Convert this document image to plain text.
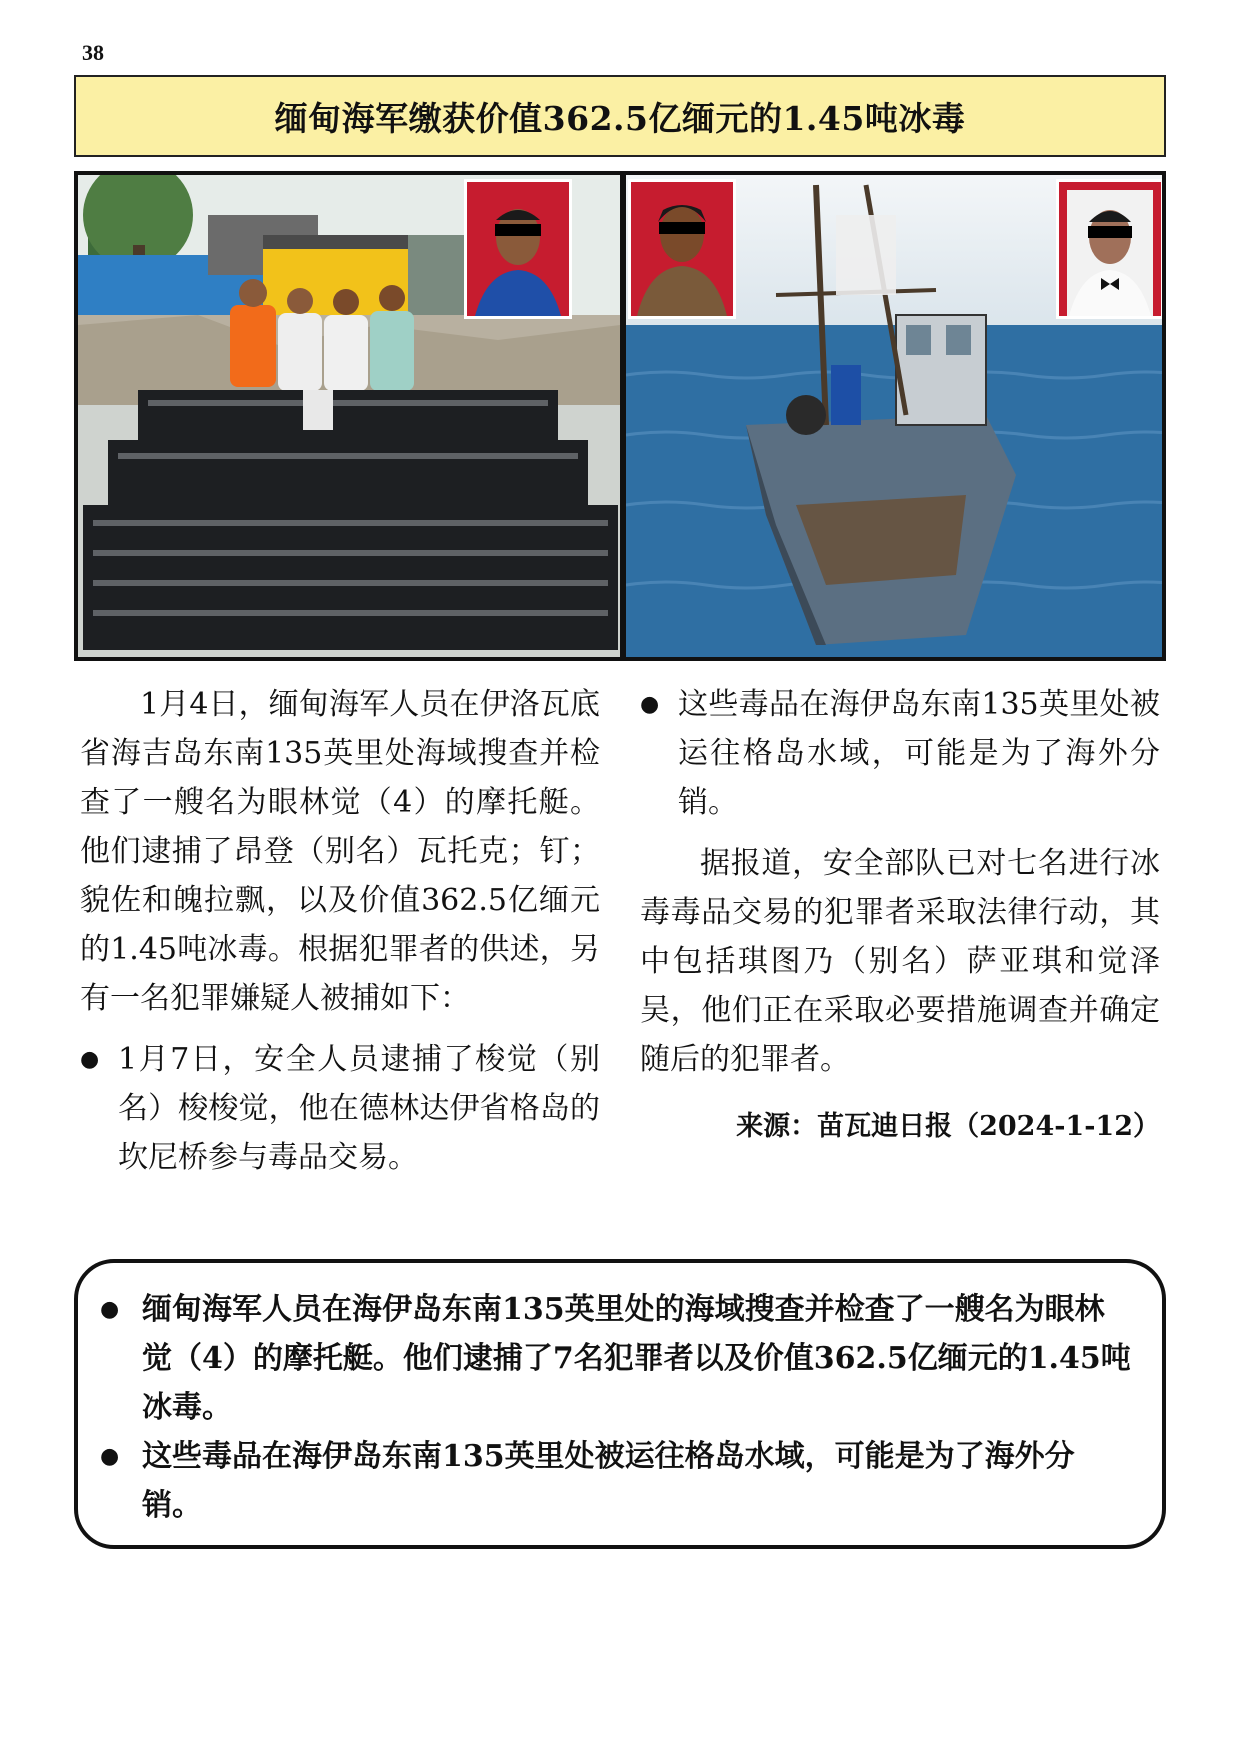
38
缅甸海军缴获价值362.5亿缅元的1.45吨冰毒

1月4日，缅甸海军人员在伊洛瓦底省海吉岛东南135英里处海域搜查并检查了一艘名为眼林觉（4）的摩托艇。他们逮捕了昂登（别名）瓦托克；钉；貌佐和魄拉飘，以及价值362.5亿缅元的1.45吨冰毒。根据犯罪者的供述，另有一名犯罪嫌疑人被捕如下：

● 1月7日，安全人员逮捕了梭觉（别名）梭梭觉，他在德林达伊省格岛的坎尼桥参与毒品交易。

● 这些毒品在海伊岛东南135英里处被运往格岛水域，可能是为了海外分销。

据报道，安全部队已对七名进行冰毒毒品交易的犯罪者采取法律行动，其中包括琪图乃（别名）萨亚琪和觉泽吴，他们正在采取必要措施调查并确定随后的犯罪者。

来源：苗瓦迪日报（2024-1-12）

● 缅甸海军人员在海伊岛东南135英里处的海域搜查并检查了一艘名为眼林觉（4）的摩托艇。他们逮捕了7名犯罪者以及价值362.5亿缅元的1.45吨冰毒。

● 这些毒品在海伊岛东南135英里处被运往格岛水域，可能是为了海外分销。
